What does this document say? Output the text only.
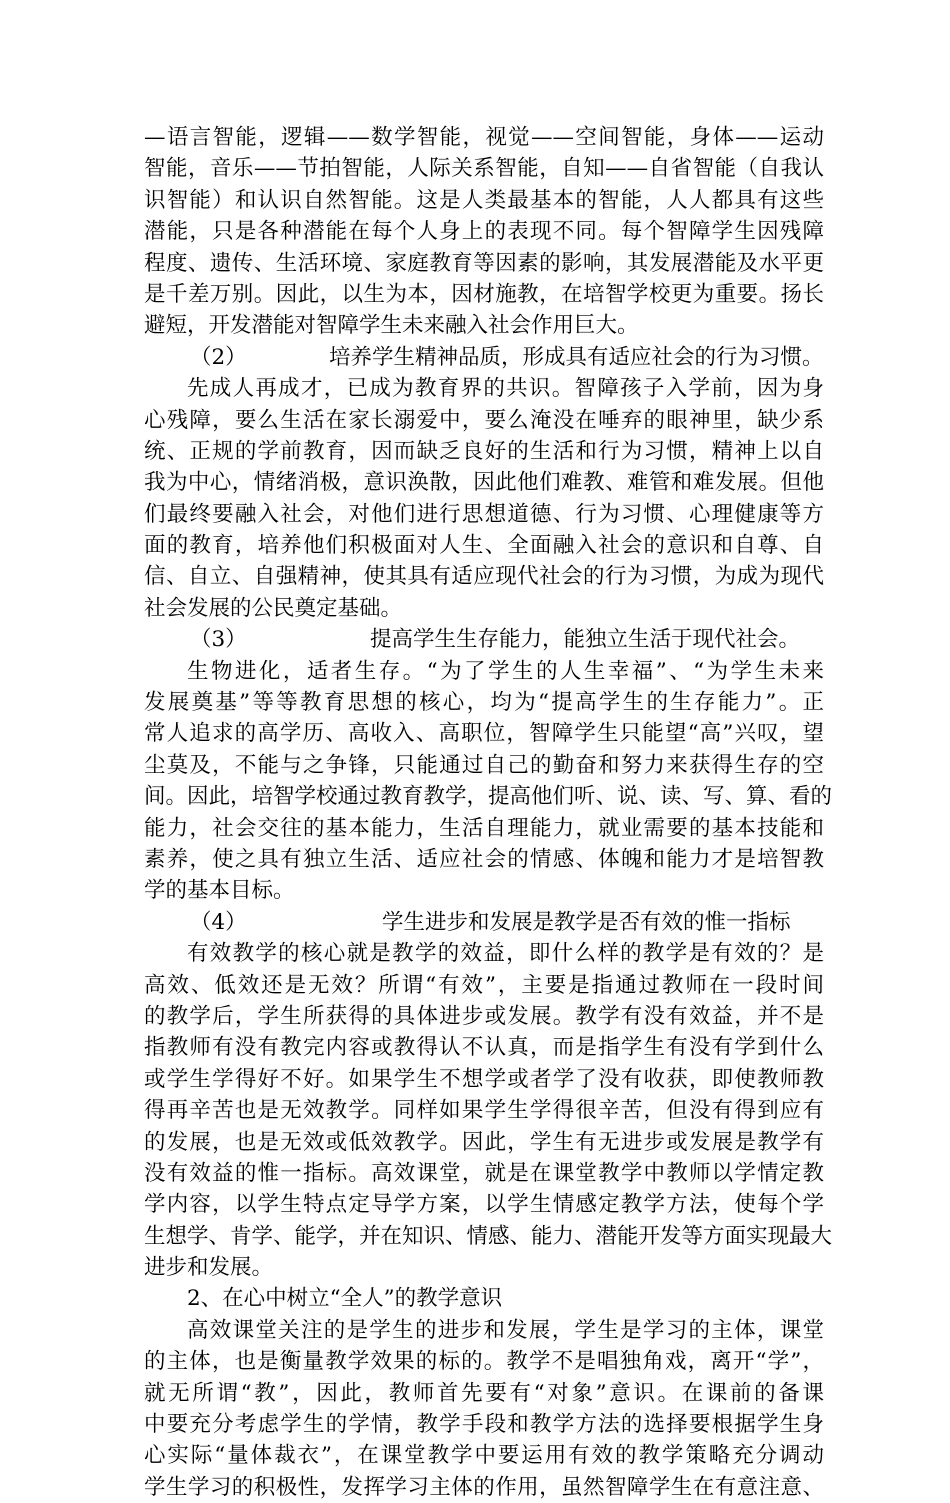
—语言智能，逻辑——数学智能，视觉——空间智能，身体——运动
智能，音乐——节拍智能，人际关系智能，自知——自省智能（自我认
识智能）和认识自然智能。这是人类最基本的智能，人人都具有这些
潜能，只是各种潜能在每个人身上的表现不同。每个智障学生因残障
程度、遗传、生活环境、家庭教育等因素的影响，其发展潜能及水平更
是千差万别。因此，以生为本，因材施教，在培智学校更为重要。扬长
避短，开发潜能对智障学生未来融入社会作用巨大。
（2）	培养学生精神品质，形成具有适应社会的行为习惯。
先成人再成才，已成为教育界的共识。智障孩子入学前，因为身
心残障，要么生活在家长溺爱中，要么淹没在唾弃的眼神里，缺少系
统、正规的学前教育，因而缺乏良好的生活和行为习惯，精神上以自
我为中心，情绪消极，意识涣散，因此他们难教、难管和难发展。但他
们最终要融入社会，对他们进行思想道德、行为习惯、心理健康等方
面的教育，培养他们积极面对人生、全面融入社会的意识和自尊、自
信、自立、自强精神，使其具有适应现代社会的行为习惯，为成为现代
社会发展的公民奠定基础。
（3）	提高学生生存能力，能独立生活于现代社会。
生物进化，适者生存。“为了学生的人生幸福”、“为学生未来
发展奠基”等等教育思想的核心，均为“提高学生的生存能力”。正
常人追求的高学历、高收入、高职位，智障学生只能望“高”兴叹，望
尘莫及，不能与之争锋，只能通过自己的勤奋和努力来获得生存的空
间。因此，培智学校通过教育教学，提高他们听、说、读、写、算、看的
能力，社会交往的基本能力，生活自理能力，就业需要的基本技能和
素养，使之具有独立生活、适应社会的情感、体魄和能力才是培智教
学的基本目标。
（4）	学生进步和发展是教学是否有效的惟一指标
有效教学的核心就是教学的效益，即什么样的教学是有效的？是
高效、低效还是无效？所谓“有效”，主要是指通过教师在一段时间
的教学后，学生所获得的具体进步或发展。教学有没有效益，并不是
指教师有没有教完内容或教得认不认真，而是指学生有没有学到什么
或学生学得好不好。如果学生不想学或者学了没有收获，即使教师教
得再辛苦也是无效教学。同样如果学生学得很辛苦，但没有得到应有
的发展，也是无效或低效教学。因此，学生有无进步或发展是教学有
没有效益的惟一指标。高效课堂，就是在课堂教学中教师以学情定教
学内容，以学生特点定导学方案，以学生情感定教学方法，使每个学
生想学、肯学、能学，并在知识、情感、能力、潜能开发等方面实现最大
进步和发展。
2、在心中树立“全人”的教学意识
高效课堂关注的是学生的进步和发展，学生是学习的主体，课堂
的主体，也是衡量教学效果的标的。教学不是唱独角戏，离开“学”，
就无所谓“教”，因此，教师首先要有“对象”意识。在课前的备课
中要充分考虑学生的学情，教学手段和教学方法的选择要根据学生身
心实际“量体裁衣”，在课堂教学中要运用有效的教学策略充分调动
学生学习的积极性，发挥学习主体的作用，虽然智障学生在有意注意、
